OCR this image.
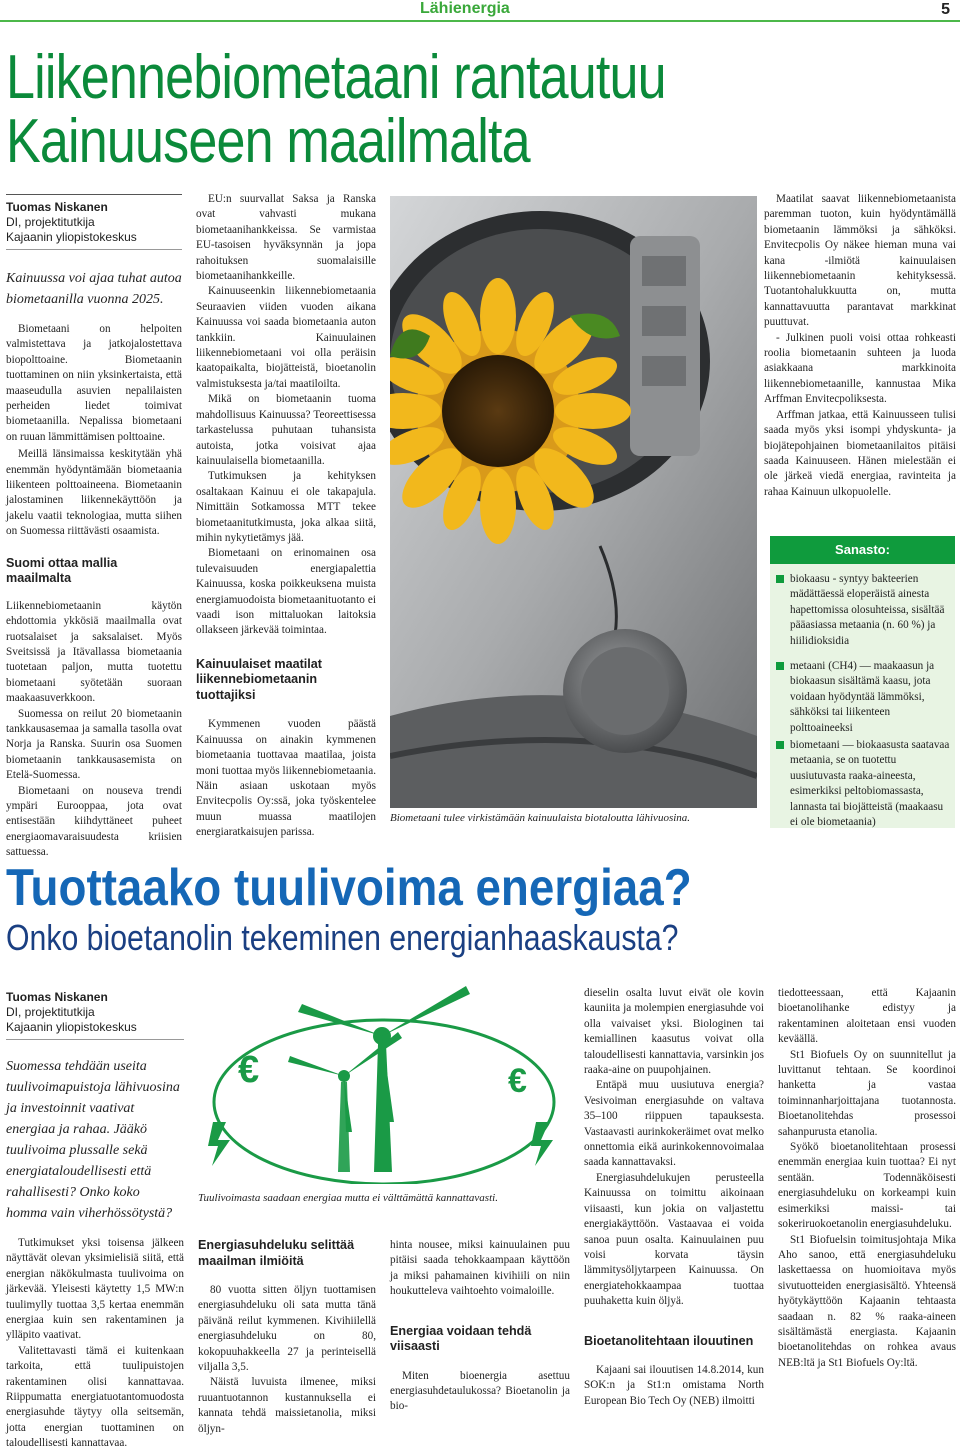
Lähienergia	5
Liikennebiometaani rantautuu
Kainuuseen maailmalta
Tuomas Niskanen
DI, projektitutkija
Kajaanin yliopistokeskus
Kainuussa voi ajaa tuhat autoa biometaanilla vuonna 2025.

Biometaani on helpoiten valmistettava ja jatkojalostettava biopolttoaine. Biometaanin tuottaminen on niin yksinkertaista, että maaseudulla asuvien nepalilaisten perheiden liedet toimivat biometaanilla. Nepalissa biometaani on ruuan lämmittämisen polttoaine.

Meillä länsimaissa keskitytään yhä enemmän hyödyntämään biometaania liikenteen polttoaineena. Biometaanin jalostaminen liikennekäyttöön ja jakelu vaatii teknologiaa, mutta siihen on Suomessa riittävästi osaamista.

Suomi ottaa mallia maailmalta

Liikennebiometaanin käytön ehdottomia ykkösiä maailmalla ovat ruotsalaiset ja saksalaiset. Myös Sveitsissä ja Itävallassa biometaania tuotetaan paljon, mutta tuotettu biometaani syötetään suoraan maakaasuverkkoon.

Suomessa on reilut 20 biometaanin tankkausasemaa ja samalla tasolla ovat Norja ja Ranska. Suurin osa Suomen biometaanin tankkausasemista on Etelä-Suomessa.

Biometaani on nouseva trendi ympäri Eurooppaa, jota ovat entisestään kiihdyttäneet puheet energiaomavaraisuudesta kriisien sattuessa.

EU:n suurvallat Saksa ja Ranska ovat vahvasti mukana biometaanihankkeissa. Se varmistaa EU-tasoisen hyväksynnän ja jopa rahoituksen suomalaisille biometaanihankkeille.

Kainuuseenkin liikennebiometaania Seuraavien viiden vuoden aikana Kainuussa voi saada biometaania auton tankkiin. Kainuulainen liikennebiometaani voi olla peräisin kaatopaikalta, biojätteistä, bioetanolin valmistuksesta ja/tai maatiloilta.

Mikä on biometaanin tuoma mahdollisuus Kainuussa? Teoreettisessa tarkastelussa puhutaan tuhansista autoista, jotka voisivat ajaa kainuulaisella biometaanilla.

Tutkimuksen ja kehityksen osaltakaan Kainuu ei ole takapajula. Nimittäin Sotkamossa MTT tekee biometaanitutkimusta, joka alkaa siitä, mihin nykytietämys jää.

Biometaani on erinomainen osa tulevaisuuden energiapalettia Kainuussa, koska poikkeuksena muista energiamuodoista biometaanituotanto ei vaadi ison mittaluokan laitoksia ollakseen järkevää toimintaa.

Kainuulaiset maatilat liikennebiometaanin tuottajiksi

Kymmenen vuoden päästä Kainuussa on ainakin kymmenen biometaania tuottavaa maatilaa, joista moni tuottaa myös liikennebiometaania. Näin asiaan uskotaan myös Envitecpolis Oy:ssä, joka työskentelee muun muassa maatilojen energiaratkaisujen parissa.

Biometaani tulee virkistämään kainuulaista biotaloutta lähivuosina.

Maatilat saavat liikennebiometaanista paremman tuoton, kuin hyödyntämällä biometaanin lämmöksi ja sähköksi. Envitecpolis Oy näkee hieman muna vai kana -ilmiötä kainuulaisen liikennebiometaanin kehityksessä. Tuotantohalukkuutta on, mutta kannattavuutta parantavat markkinat puuttuvat.

- Julkinen puoli voisi ottaa rohkeasti roolia biometaanin suhteen ja luoda asiakkaana markkinoita liikennebiometaanille, kannustaa Mika Arffman Envitecpoliksesta.

Arffman jatkaa, että Kainuusseen tulisi saada myös yksi isompi yhdyskunta- ja biojätepohjainen biometaanilaitos pitäisi saada Kainuuseen. Hänen mielestään ei ole järkeä viedä energiaa, ravinteita ja rahaa Kainuun ulkopuolelle.

Sanasto:
biokaasu - syntyy bakteerien mädättäessä eloperäistä ainesta hapettomissa olosuhteissa, sisältää pääasiassa metaania (n. 60 %) ja hiilidioksidia
metaani (CH4) — maakaasun ja biokaasun sisältämä kaasu, jota voidaan hyödyntää lämmöksi, sähköksi tai liikenteen polttoaineeksi
biometaani — biokaasusta saatavaa metaania, se on tuotettu uusiutuvasta raaka-aineesta, esimerkiksi peltobiomassasta, lannasta tai biojätteistä (maakaasu ei ole biometaania)
Tuottaako tuulivoima energiaa?
Onko bioetanolin tekeminen energianhaaskausta?
Tuomas Niskanen
DI, projektitutkija
Kajaanin yliopistokeskus
Suomessa tehdään useita tuulivoimapuistoja lähivuosina ja investoinnit vaativat energiaa ja rahaa. Jääkö tuulivoima plussalle sekä energiataloudellisesti että rahallisesti? Onko koko homma vain viherhössötystä?

Tutkimukset yksi toisensa jälkeen näyttävät olevan yksimielisiä siitä, että energian näkökulmasta tuulivoima on järkevää. Yleisesti käytetty 1,5 MW:n tuulimylly tuottaa 3,5 kertaa enemmän energiaa kuin sen rakentaminen ja ylläpito vaativat.

Valitettavasti tämä ei kuitenkaan tarkoita, että tuulipuistojen rakentaminen olisi kannattavaa. Riippumatta energiatuotantomuodosta energiasuhde täytyy olla seitsemän, jotta energian tuottaminen on taloudellisesti kannattavaa.

€	€
Tuulivoimasta saadaan energiaa mutta ei välttämättä kannattavasti.
Energiasuhdeluku selittää maailman ilmiöitä

80 vuotta sitten öljyn tuottamisen energiasuhdeluku oli sata mutta tänä päivänä reilut kymmenen. Kivihiilellä energiasuhdeluku on 80, kokopuuhakkeella 27 ja perinteisellä viljalla 3,5.

Näistä luvuista ilmenee, miksi ruuantuotannon kustannuksella ei kannata tehdä maissietanolia, miksi öljyn-

hinta nousee, miksi kainuulainen puu pitäisi saada tehokkaampaan käyttöön ja miksi pahamainen kivihiili on niin houkutteleva vaihtoehto voimaloille.

Energiaa voidaan tehdä viisaasti

Miten bioenergia asettuu energiasuhdetaulukossa? Bioetanolin ja bio-

dieselin osalta luvut eivät ole kovin kauniita ja molempien energiasuhde voi olla vaivaiset yksi. Biologinen tai kemiallinen kaasutus voivat olla taloudellisesti kannattavia, varsinkin jos raaka-aine on puupohjainen.

Entäpä muu uusiutuva energia? Vesivoiman energiasuhde on valtava 35–100 riippuen tapauksesta. Vastaavasti aurinkokeräimet ovat melko onnettomia eikä aurinkokennovoimalaa saada kannattavaksi.

Energiasuhdelukujen perusteella Kainuussa on toimittu aikoinaan viisaasti, kun jokia on valjastettu energiakäyttöön. Vastaavaa ei voida sanoa puun osalta. Kainuulainen puu voisi korvata täysin lämmitysöljytarpeen Kainuussa. On energiatehokkaampaa tuottaa puuhaketta kuin öljyä.

Bioetanolitehtaan ilouutinen

Kajaani sai ilouutisen 14.8.2014, kun SOK:n ja St1:n omistama North European Bio Tech Oy (NEB) ilmoitti

tiedotteessaan, että Kajaanin bioetanolihanke edistyy ja rakentaminen aloitetaan ensi vuoden keväällä.

St1 Biofuels Oy on suunnitellut ja luvittanut tehtaan. Se koordinoi hanketta ja vastaa toiminnanharjoittajana tuotannosta. Bioetanolitehdas prosessoi sahanpurusta etanolia.

Syökö bioetanolitehtaan prosessi enemmän energiaa kuin tuottaa? Ei nyt sentään. Todennäköisesti energiasuhdeluku on korkeampi kuin esimerkiksi maissi- tai sokeriruokoetanolin energiasuhdeluku.

St1 Biofuelsin toimitusjohtaja Mika Aho sanoo, että energiasuhdeluku laskettaessa on huomioitava myös sivutuotteiden energiasisältö. Yhteensä hyötykäyttöön Kajaanin tehtaasta saadaan n. 82 % raaka-aineen sisältämästä energiasta. Kajaanin bioetanolitehdas on rohkea avaus NEB:ltä ja St1 Biofuels Oy:ltä.
